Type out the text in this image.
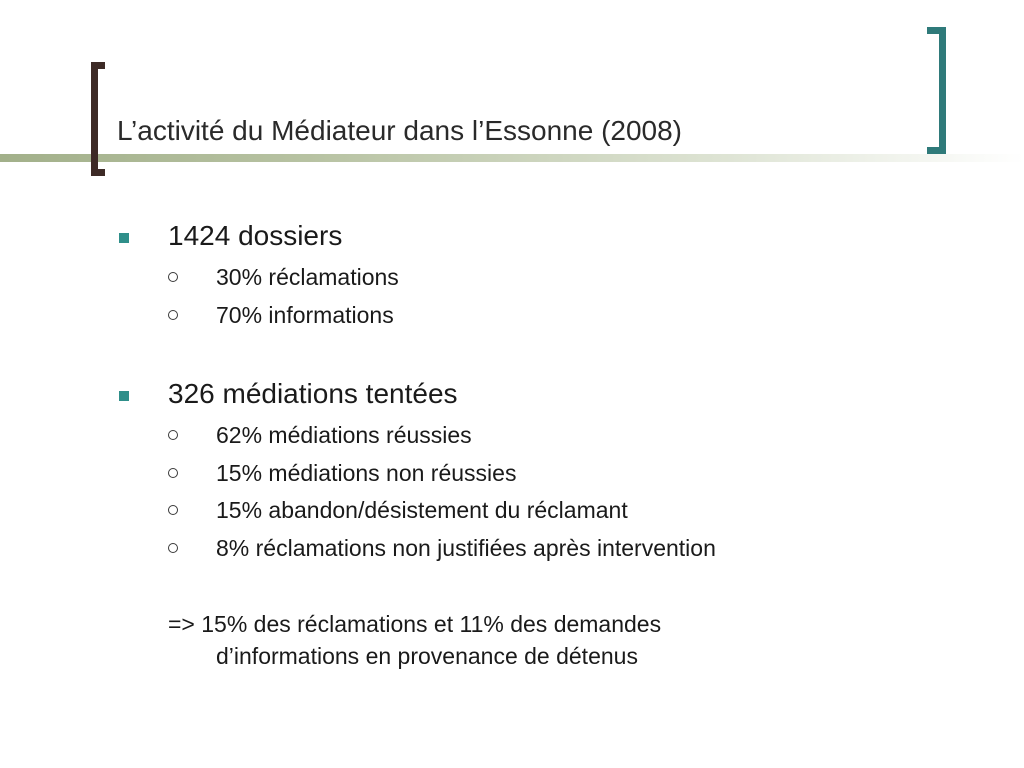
L’activité du Médiateur dans l’Essonne (2008)
1424 dossiers
30% réclamations
70% informations
326 médiations tentées
62% médiations réussies
15% médiations non réussies
15% abandon/désistement du réclamant
8% réclamations non justifiées après intervention
=> 15% des réclamations et 11% des demandes
d’informations en provenance de détenus
